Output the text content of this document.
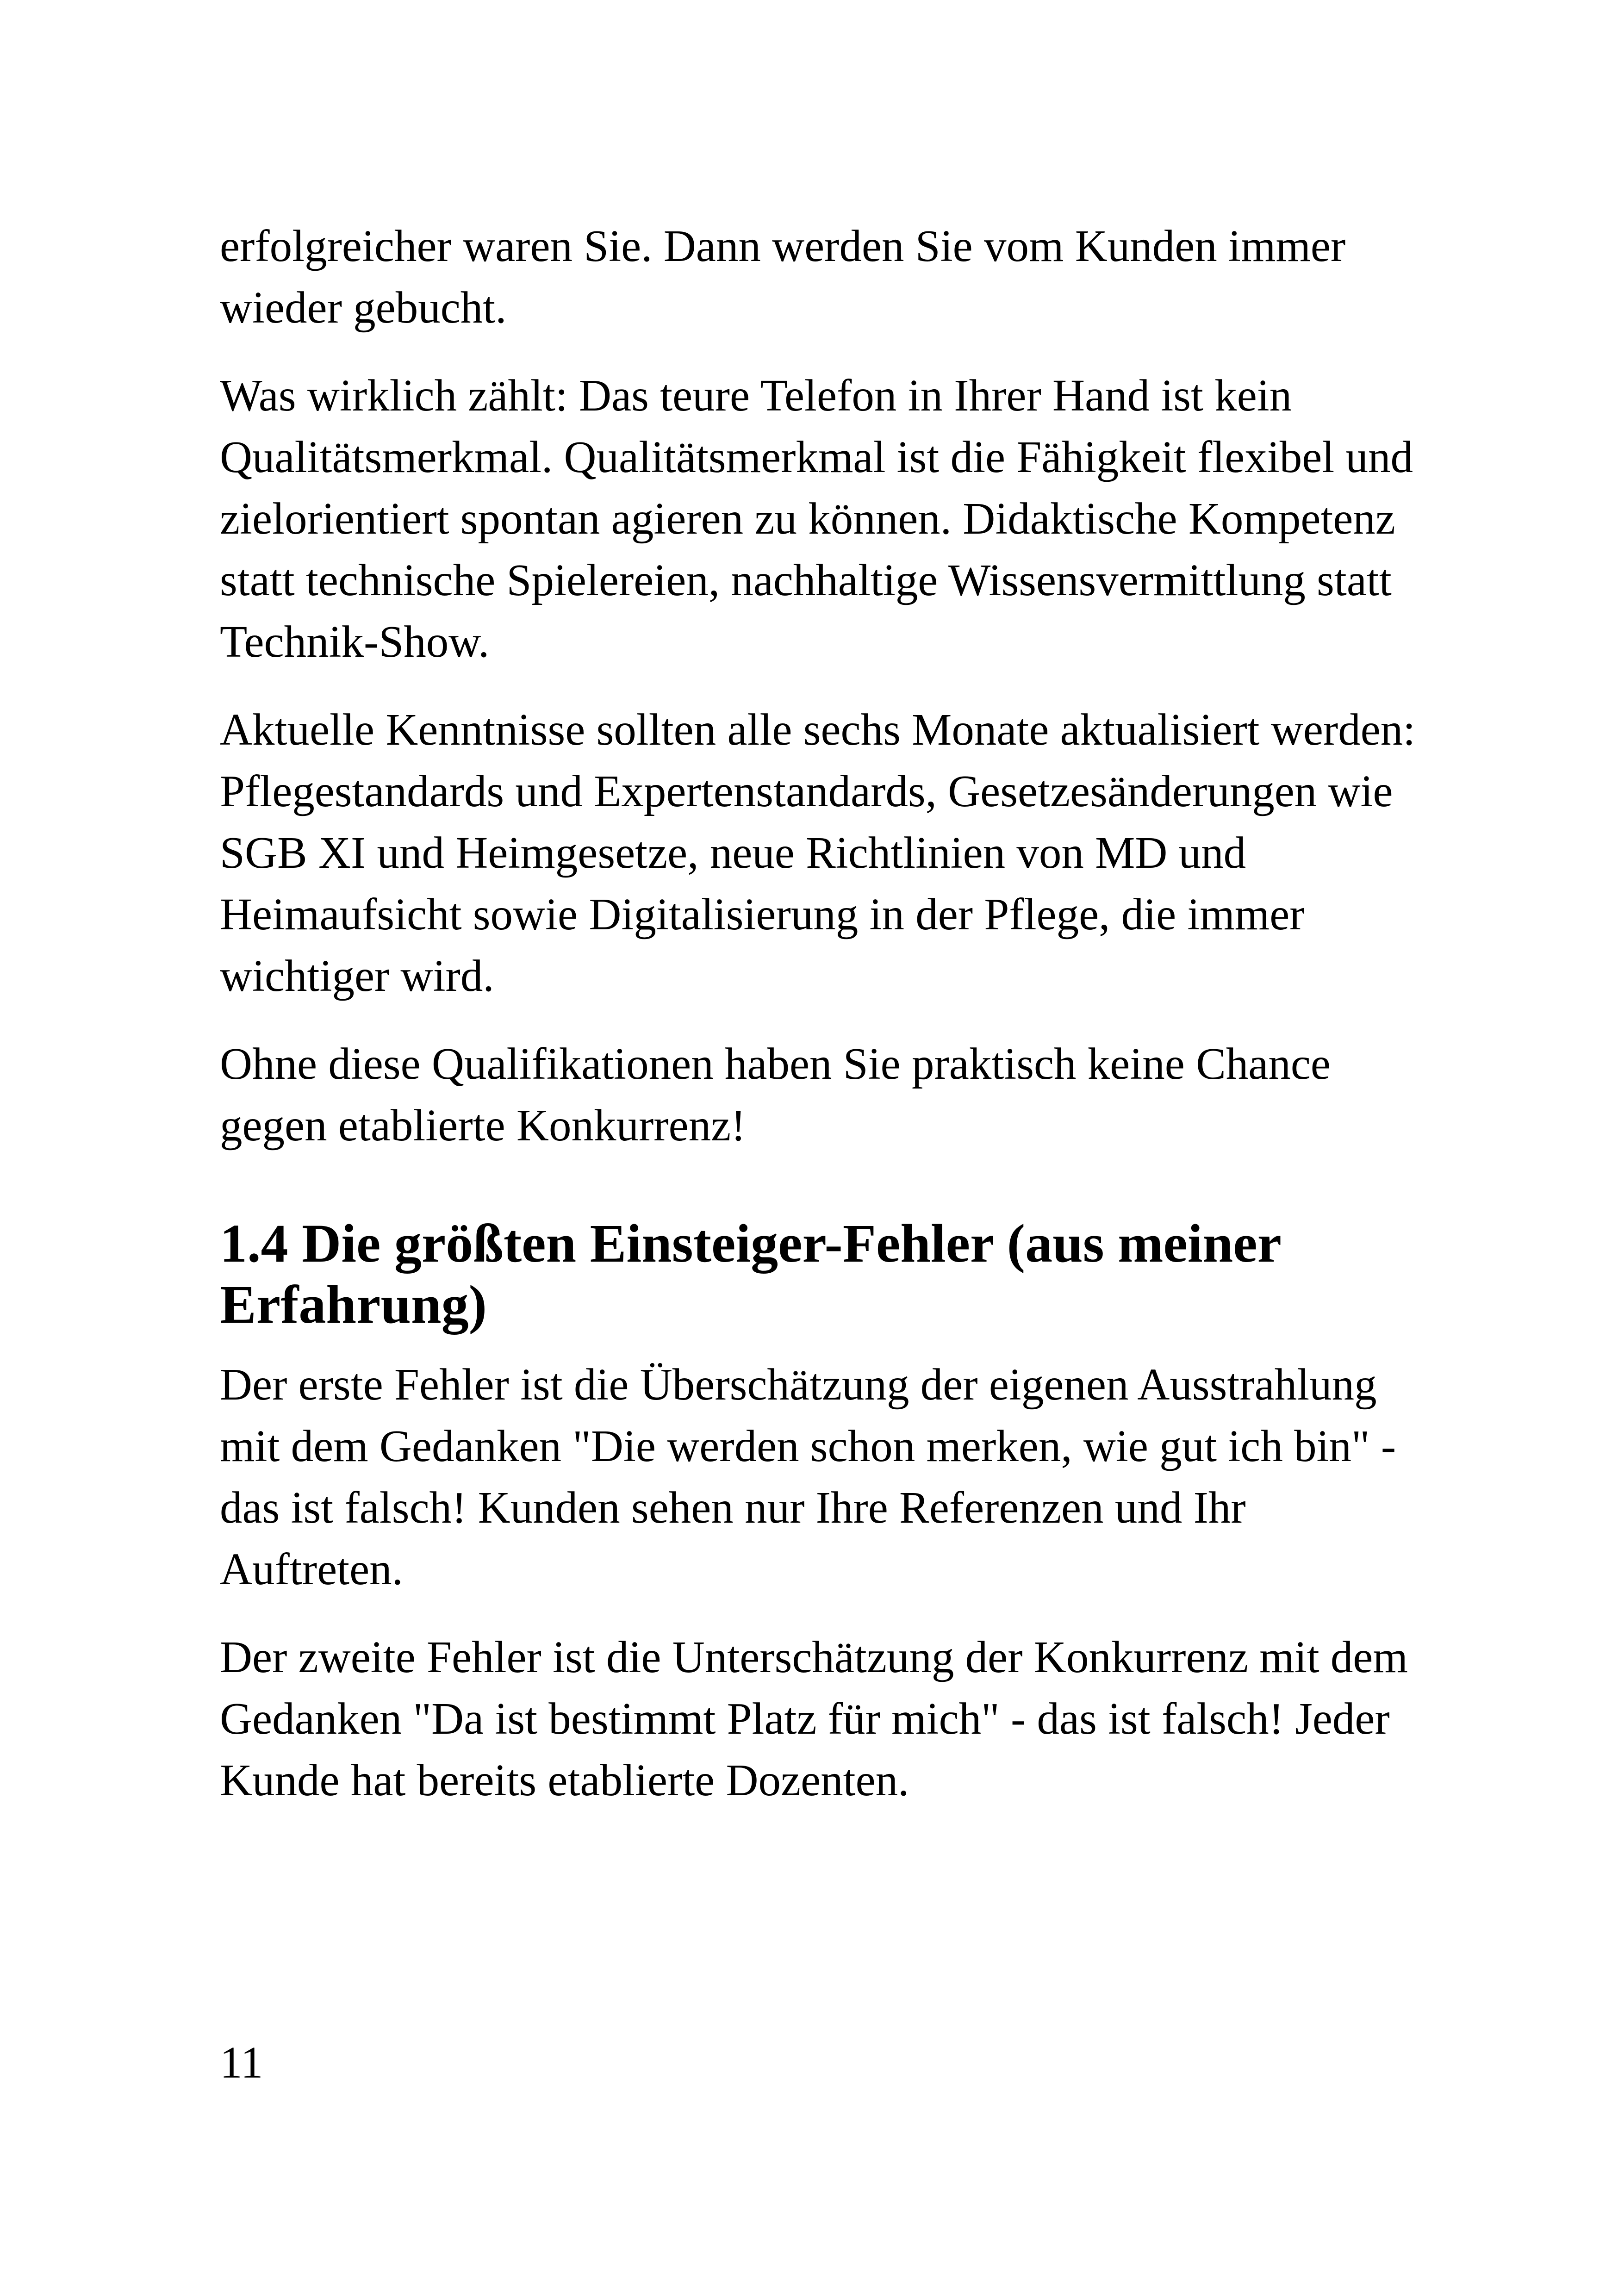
erfolgreicher waren Sie. Dann werden Sie vom Kunden immer wieder gebucht.

Was wirklich zählt: Das teure Telefon in Ihrer Hand ist kein Qualitätsmerkmal. Qualitätsmerkmal ist die Fähigkeit flexibel und zielorientiert spontan agieren zu können. Didaktische Kompetenz statt technische Spielereien, nachhaltige Wissensvermittlung statt Technik-Show.

Aktuelle Kenntnisse sollten alle sechs Monate aktualisiert werden: Pflegestandards und Expertenstandards, Gesetzesänderungen wie SGB XI und Heimgesetze, neue Richtlinien von MD und Heimaufsicht sowie Digitalisierung in der Pflege, die immer wichtiger wird.

Ohne diese Qualifikationen haben Sie praktisch keine Chance gegen etablierte Konkurrenz!

1.4 Die größten Einsteiger-Fehler (aus meiner Erfahrung)

Der erste Fehler ist die Überschätzung der eigenen Ausstrahlung mit dem Gedanken "Die werden schon merken, wie gut ich bin" - das ist falsch! Kunden sehen nur Ihre Referenzen und Ihr Auftreten.

Der zweite Fehler ist die Unterschätzung der Konkurrenz mit dem Gedanken "Da ist bestimmt Platz für mich" - das ist falsch! Jeder Kunde hat bereits etablierte Dozenten.

11
